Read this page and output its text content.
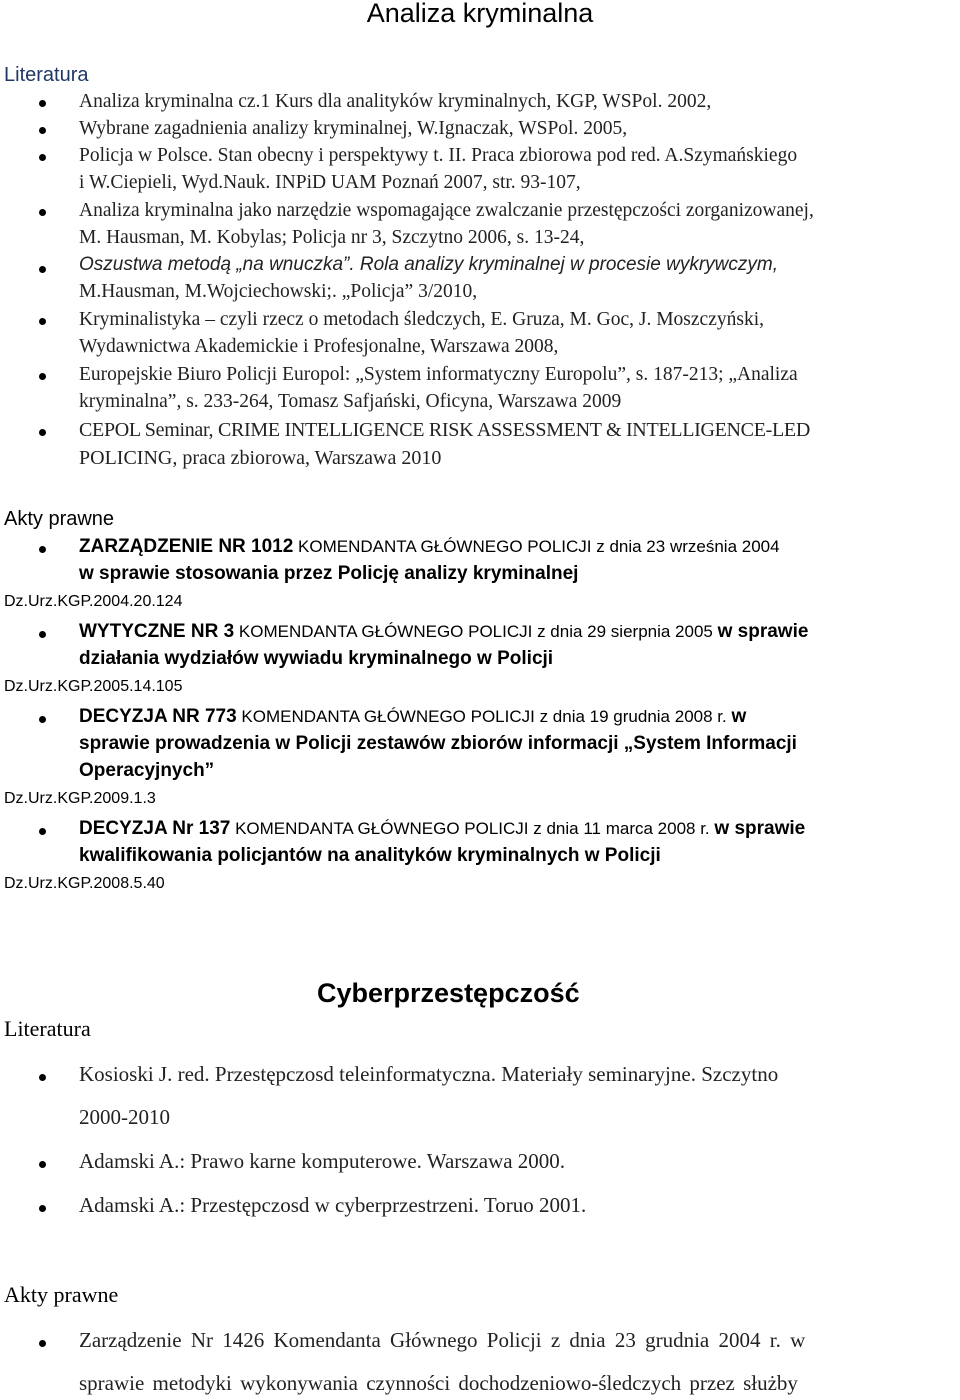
Analiza kryminalna
Literatura
Analiza kryminalna cz.1 Kurs dla analityków kryminalnych, KGP, WSPol. 2002,
Wybrane zagadnienia analizy kryminalnej, W.Ignaczak, WSPol. 2005,
Policja w Polsce. Stan obecny i perspektywy t. II. Praca zbiorowa pod red. A.Szymańskiego
i W.Ciepieli, Wyd.Nauk. INPiD UAM Poznań 2007, str. 93-107,
Analiza kryminalna jako narzędzie wspomagające zwalczanie przestępczości zorganizowanej,
M. Hausman, M. Kobylas; Policja nr 3, Szczytno 2006, s. 13-24,
Oszustwa metodą „na wnuczka”. Rola analizy kryminalnej w procesie wykrywczym,
M.Hausman, M.Wojciechowski;. „Policja” 3/2010,
Kryminalistyka – czyli rzecz o metodach śledczych, E. Gruza, M. Goc, J. Moszczyński,
Wydawnictwa Akademickie i Profesjonalne, Warszawa 2008,
Europejskie Biuro Policji Europol: „System informatyczny Europolu”, s. 187-213; „Analiza
kryminalna”, s. 233-264, Tomasz Safjański, Oficyna, Warszawa 2009
CEPOL Seminar, CRIME INTELLIGENCE RISK ASSESSMENT & INTELLIGENCE-LED
POLICING, praca zbiorowa, Warszawa 2010
Akty prawne
ZARZĄDZENIE NR 1012 KOMENDANTA GŁÓWNEGO POLICJI z dnia 23 września 2004
w sprawie stosowania przez Policję analizy kryminalnej
Dz.Urz.KGP.2004.20.124
WYTYCZNE NR 3 KOMENDANTA GŁÓWNEGO POLICJI z dnia 29 sierpnia 2005 w sprawie
działania wydziałów wywiadu kryminalnego w Policji
Dz.Urz.KGP.2005.14.105
DECYZJA NR 773 KOMENDANTA GŁÓWNEGO POLICJI z dnia 19 grudnia 2008 r. w
sprawie prowadzenia w Policji zestawów zbiorów informacji „System Informacji
Operacyjnych”
Dz.Urz.KGP.2009.1.3
DECYZJA Nr 137 KOMENDANTA GŁÓWNEGO POLICJI z dnia 11 marca 2008 r. w sprawie
kwalifikowania policjantów na analityków kryminalnych w Policji
Dz.Urz.KGP.2008.5.40
Cyberprzestępczość
Literatura
Kosioski J. red. Przestępczosd teleinformatyczna. Materiały seminaryjne. Szczytno
2000-2010
Adamski A.: Prawo karne komputerowe. Warszawa 2000.
Adamski A.: Przestępczosd w cyberprzestrzeni. Toruo 2001.
Akty prawne
Zarządzenie Nr 1426 Komendanta Głównego Policji z dnia 23 grudnia 2004 r. w
sprawie metodyki wykonywania czynności dochodzeniowo-śledczych przez służby
